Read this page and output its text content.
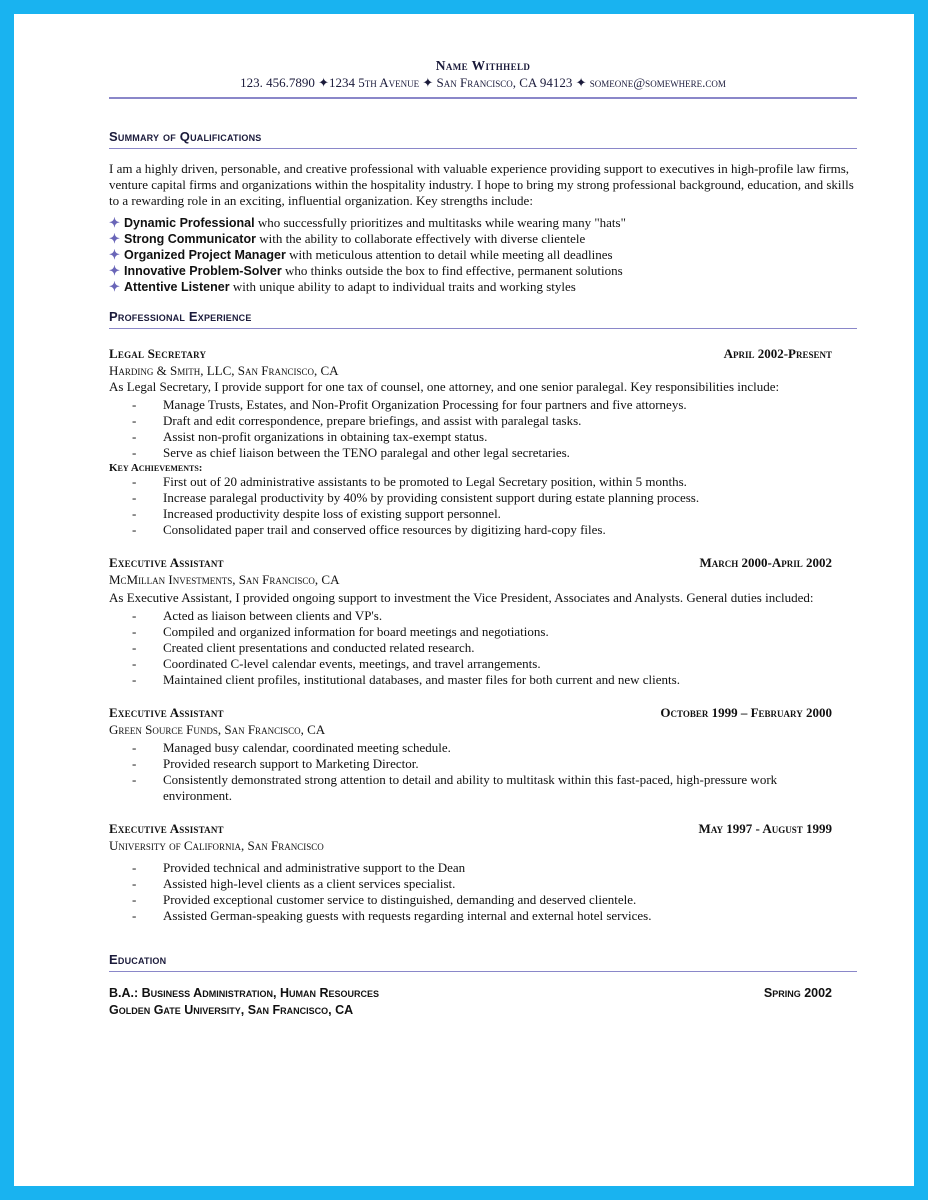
Name Withheld
123. 456.7890 ✦1234 5th Avenue ✦ San Francisco, CA 94123 ✦ someone@somewhere.com
Summary of Qualifications
I am a highly driven, personable, and creative professional with valuable experience providing support to executives in high-profile law firms, venture capital firms and organizations within the hospitality industry. I hope to bring my strong professional background, education, and skills to a rewarding role in an exciting, influential organization. Key strengths include:
✦ Dynamic Professional who successfully prioritizes and multitasks while wearing many "hats"
✦ Strong Communicator with the ability to collaborate effectively with diverse clientele
✦ Organized Project Manager with meticulous attention to detail while meeting all deadlines
✦ Innovative Problem-Solver who thinks outside the box to find effective, permanent solutions
✦ Attentive Listener with unique ability to adapt to individual traits and working styles
Professional Experience
Legal Secretary	April 2002-Present
Harding & Smith, LLC, San Francisco, CA
As Legal Secretary, I provide support for one tax of counsel, one attorney, and one senior paralegal. Key responsibilities include:
- Manage Trusts, Estates, and Non-Profit Organization Processing for four partners and five attorneys.
- Draft and edit correspondence, prepare briefings, and assist with paralegal tasks.
- Assist non-profit organizations in obtaining tax-exempt status.
- Serve as chief liaison between the TENO paralegal and other legal secretaries.
Key Achievements:
- First out of 20 administrative assistants to be promoted to Legal Secretary position, within 5 months.
- Increase paralegal productivity by 40% by providing consistent support during estate planning process.
- Increased productivity despite loss of existing support personnel.
- Consolidated paper trail and conserved office resources by digitizing hard-copy files.
Executive Assistant	March 2000-April 2002
McMillan Investments, San Francisco, CA
As Executive Assistant, I provided ongoing support to investment the Vice President, Associates and Analysts. General duties included:
- Acted as liaison between clients and VP's.
- Compiled and organized information for board meetings and negotiations.
- Created client presentations and conducted related research.
- Coordinated C-level calendar events, meetings, and travel arrangements.
- Maintained client profiles, institutional databases, and master files for both current and new clients.
Executive Assistant	October 1999 – February 2000
Green Source Funds, San Francisco, CA
- Managed busy calendar, coordinated meeting schedule.
- Provided research support to Marketing Director.
- Consistently demonstrated strong attention to detail and ability to multitask within this fast-paced, high-pressure work environment.
Executive Assistant	May 1997 - August 1999
University of California, San Francisco
- Provided technical and administrative support to the Dean
- Assisted high-level clients as a client services specialist.
- Provided exceptional customer service to distinguished, demanding and deserved clientele.
- Assisted German-speaking guests with requests regarding internal and external hotel services.
Education
B.A.: Business Administration, Human Resources	Spring 2002
Golden Gate University, San Francisco, CA
